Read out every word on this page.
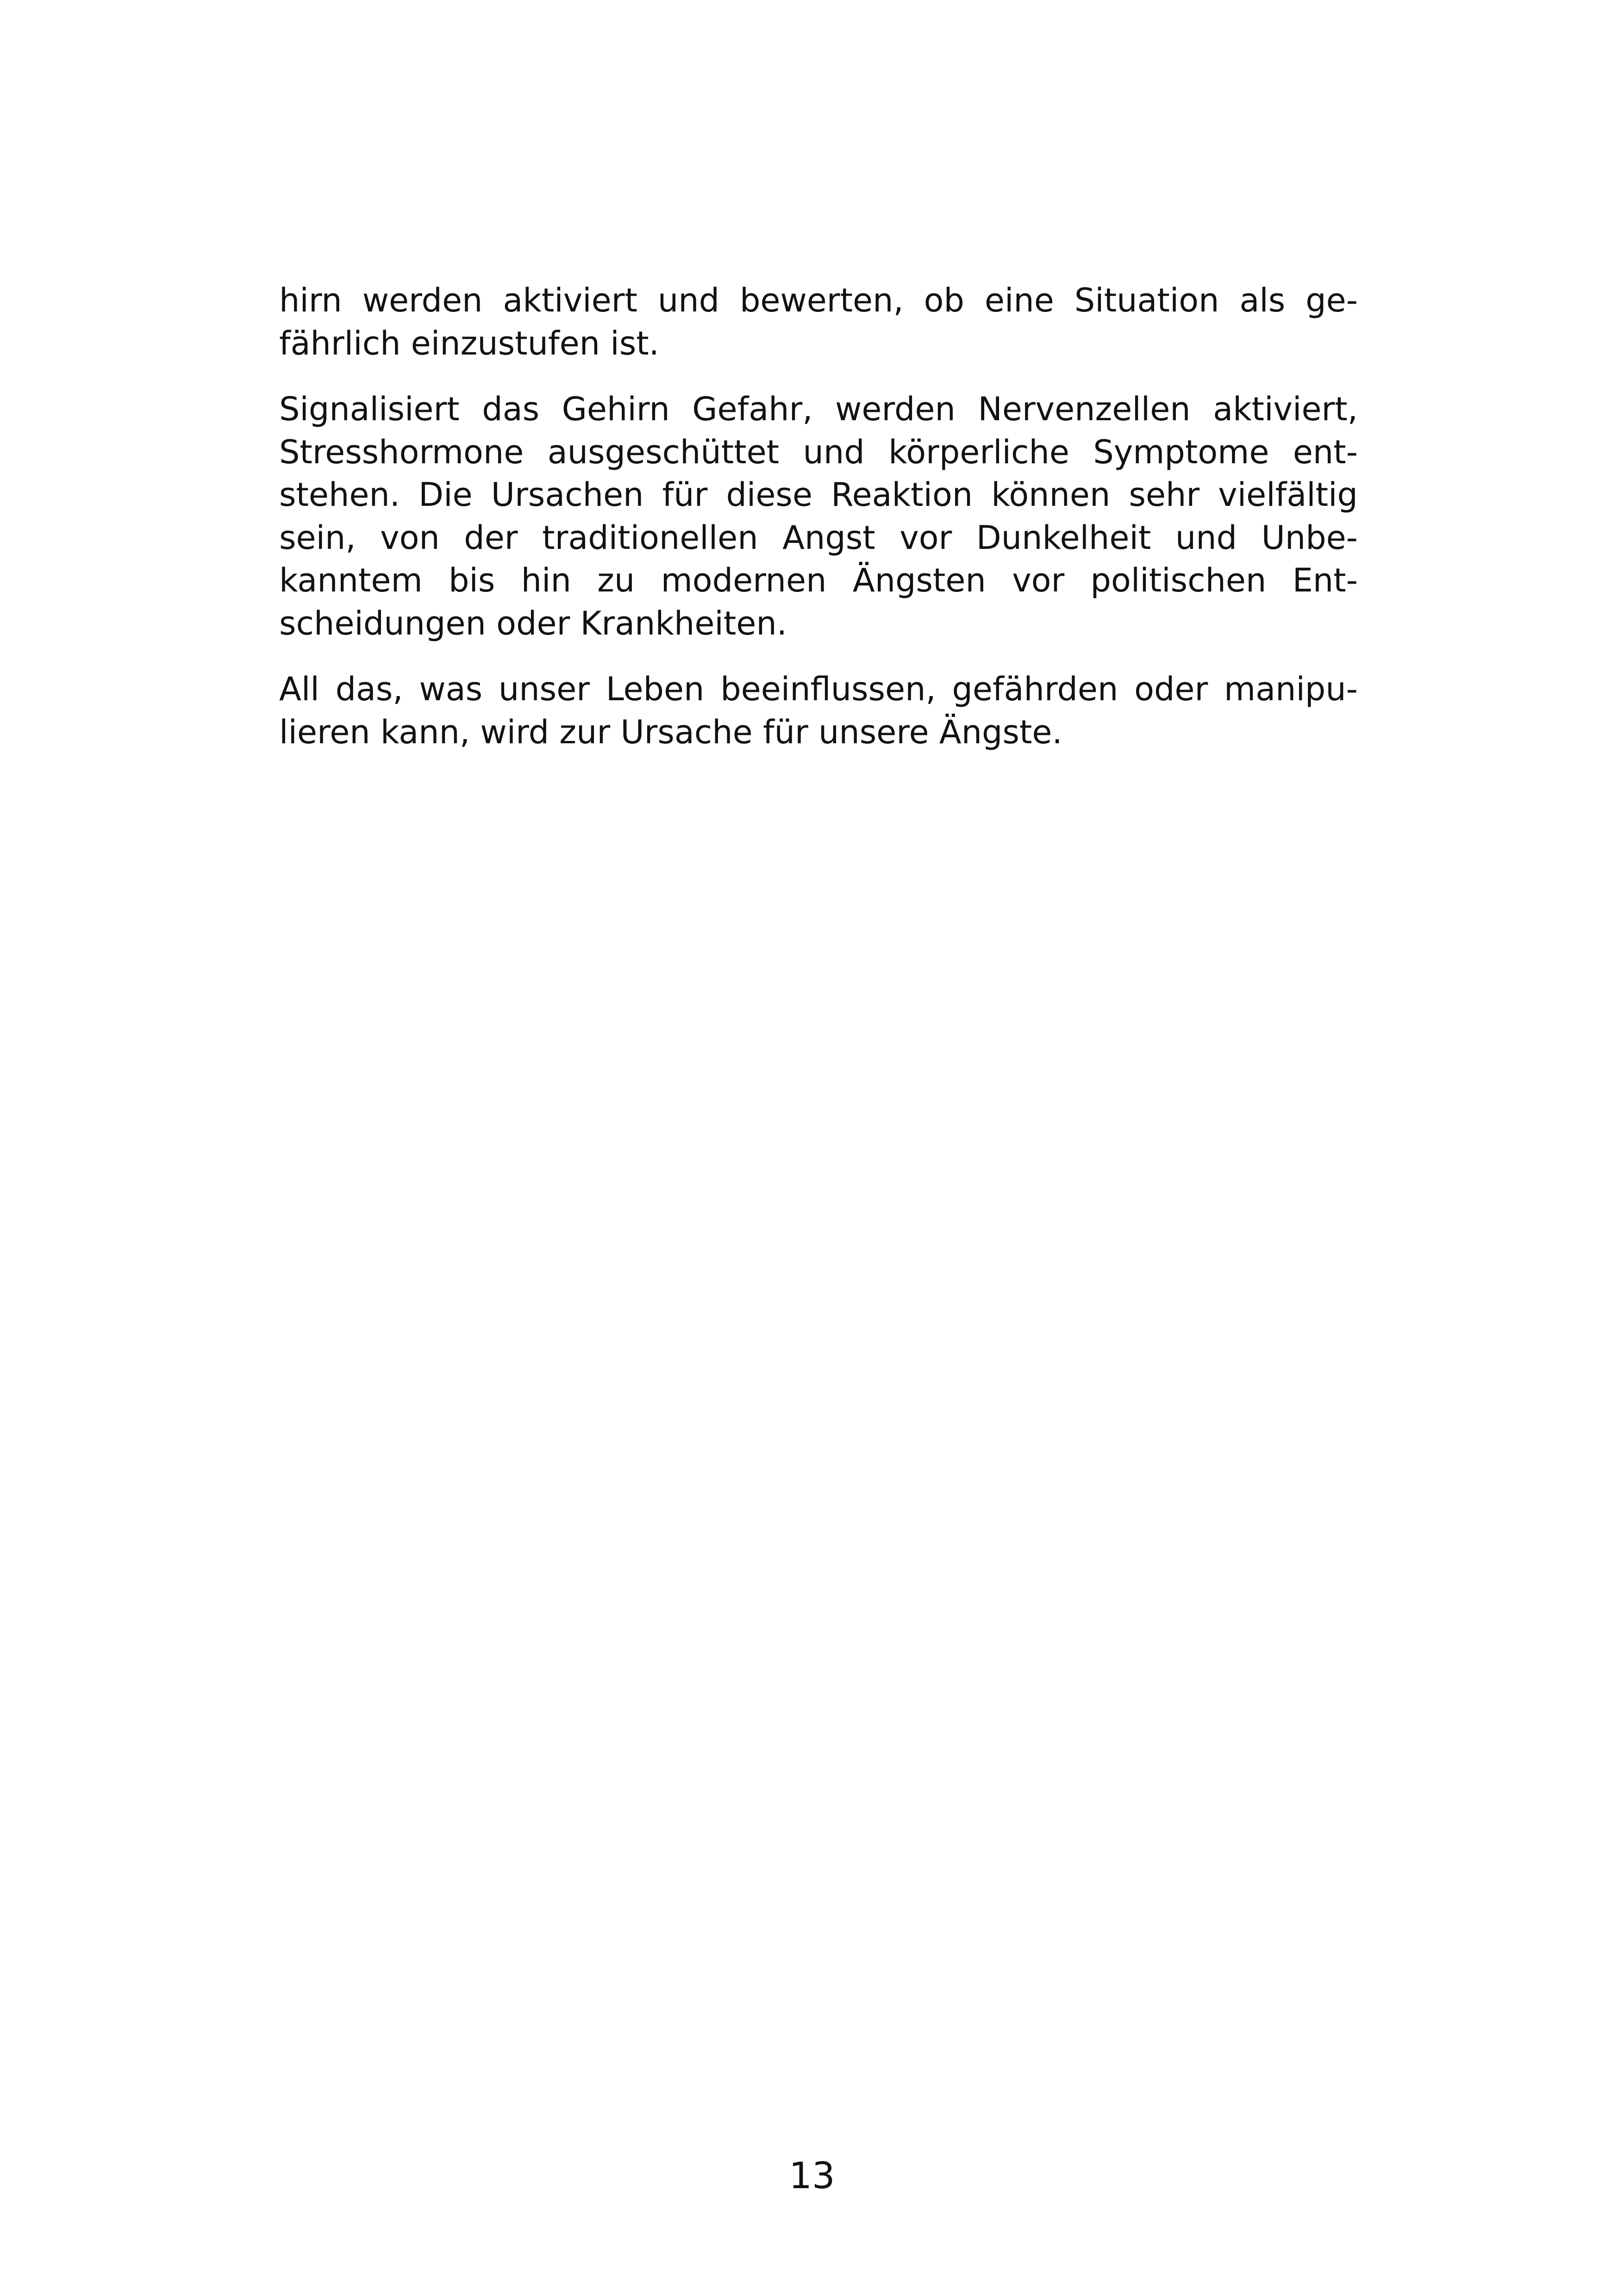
hirn werden aktiviert und bewerten, ob eine Situation als ge-
fährlich einzustufen ist.

Signalisiert das Gehirn Gefahr, werden Nervenzellen aktiviert,
Stresshormone ausgeschüttet und körperliche Symptome ent-
stehen. Die Ursachen für diese Reaktion können sehr vielfältig
sein, von der traditionellen Angst vor Dunkelheit und Unbe-
kanntem bis hin zu modernen Ängsten vor politischen Ent-
scheidungen oder Krankheiten.

All das, was unser Leben beeinflussen, gefährden oder manipu-
lieren kann, wird zur Ursache für unsere Ängste.

13
